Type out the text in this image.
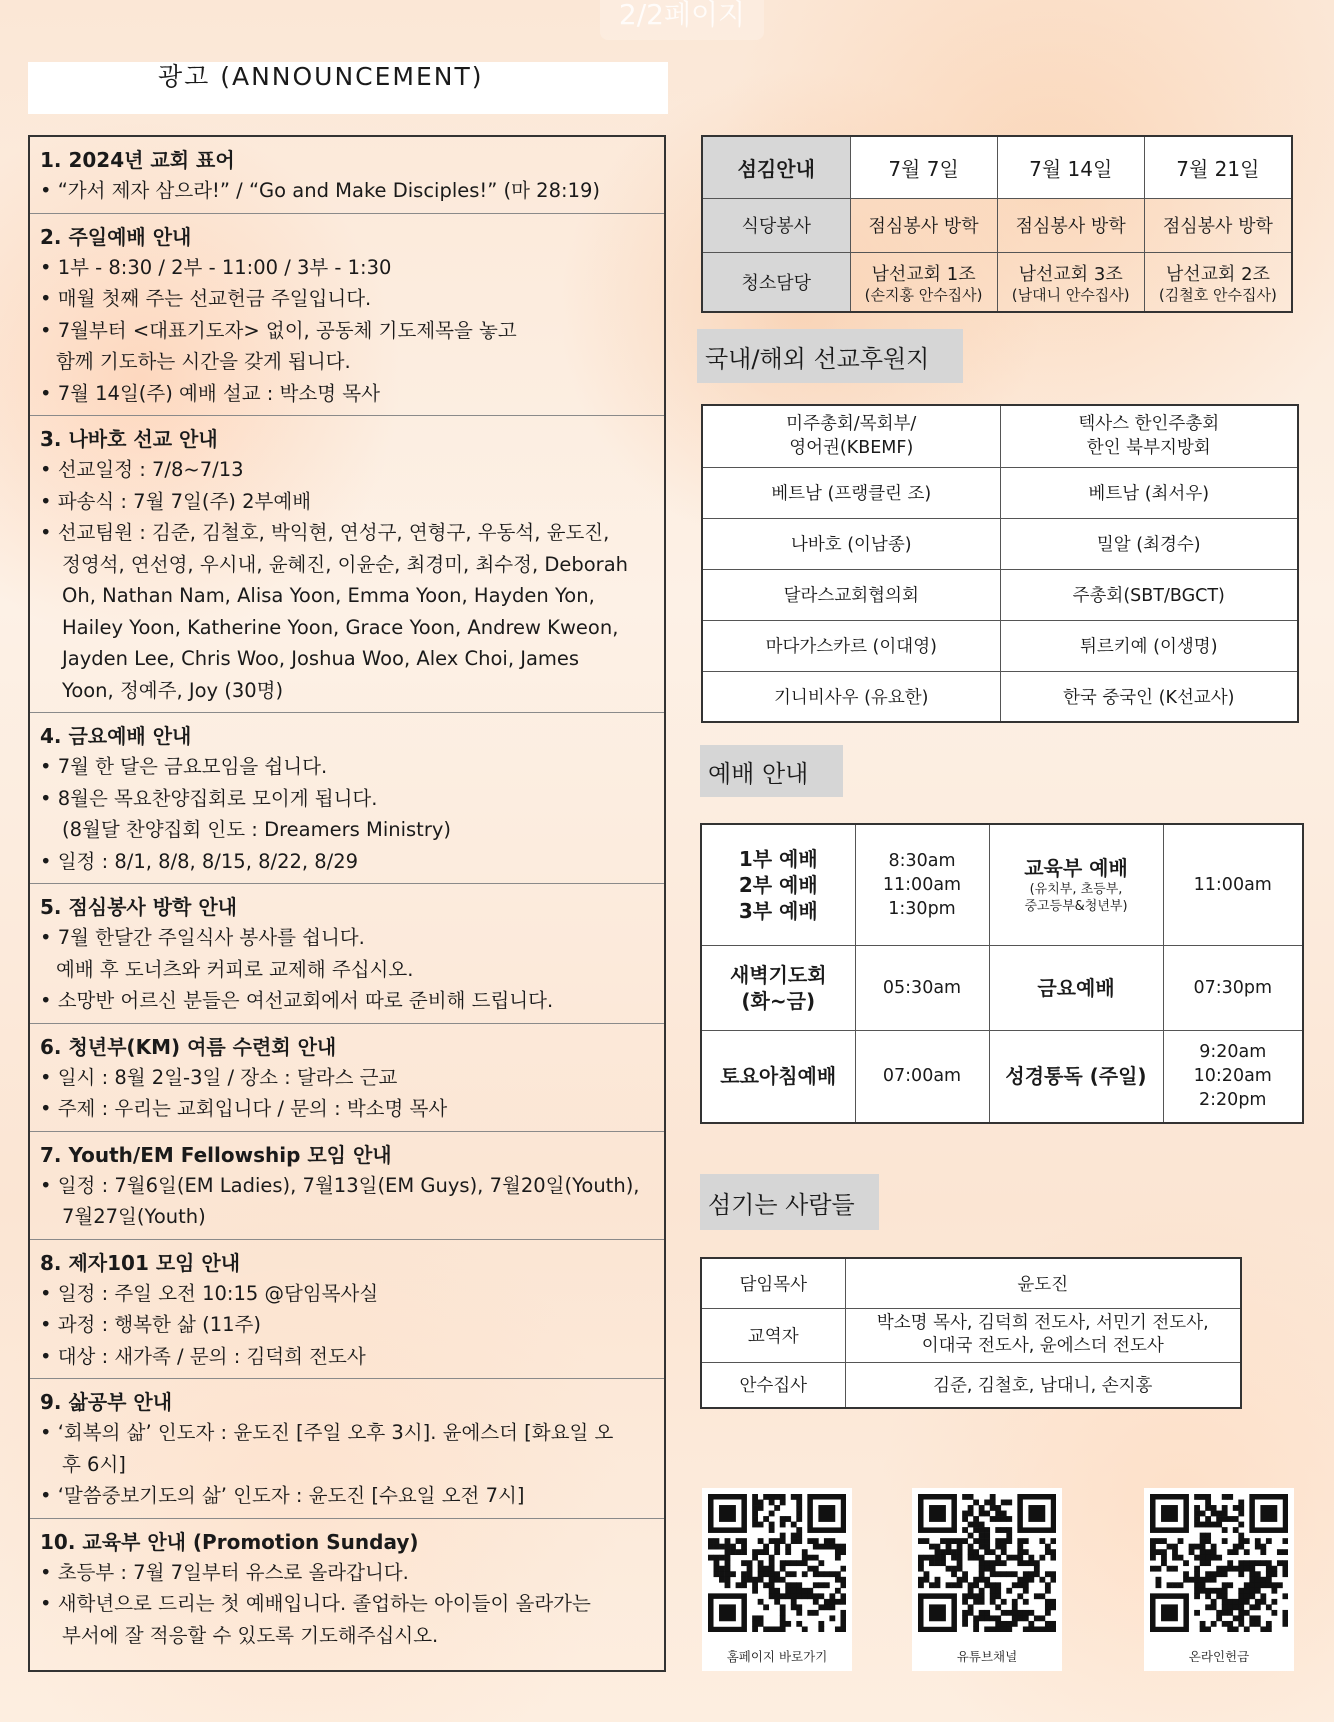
2/2페이지
광고 (ANNOUNCEMENT)
1. 2024년 교회 표어
• “가서 제자 삼으라!” / “Go and Make Disciples!” (마 28:19)
2. 주일예배 안내
• 1부 - 8:30 / 2부 - 11:00 / 3부 - 1:30
• 매월 첫째 주는 선교헌금 주일입니다.
• 7월부터 <대표기도자> 없이, 공동체 기도제목을 놓고
함께 기도하는 시간을 갖게 됩니다.
• 7월 14일(주) 예배 설교 : 박소명 목사
3. 나바호 선교 안내
• 선교일정 : 7/8~7/13
• 파송식 : 7월 7일(주) 2부예배
• 선교팀원 : 김준, 김철호, 박익현, 연성구, 연형구, 우동석, 윤도진,
정영석, 연선영, 우시내, 윤혜진, 이윤순, 최경미, 최수정, Deborah
Oh, Nathan Nam, Alisa Yoon, Emma Yoon, Hayden Yon,
Hailey Yoon, Katherine Yoon, Grace Yoon, Andrew Kweon,
Jayden Lee, Chris Woo, Joshua Woo, Alex Choi, James
Yoon, 정예주, Joy (30명)
4. 금요예배 안내
• 7월 한 달은 금요모임을 쉽니다.
• 8월은 목요찬양집회로 모이게 됩니다.
(8월달 찬양집회 인도 : Dreamers Ministry)
• 일정 : 8/1, 8/8, 8/15, 8/22, 8/29
5. 점심봉사 방학 안내
• 7월 한달간 주일식사 봉사를 쉽니다.
예배 후 도너츠와 커피로 교제해 주십시오.
• 소망반 어르신 분들은 여선교회에서 따로 준비해 드립니다.
6. 청년부(KM) 여름 수련회 안내
• 일시 : 8월 2일-3일 / 장소 : 달라스 근교
• 주제 : 우리는 교회입니다 / 문의 : 박소명 목사
7. Youth/EM Fellowship 모임 안내
• 일정 : 7월6일(EM Ladies), 7월13일(EM Guys), 7월20일(Youth),
7월27일(Youth)
8. 제자101 모임 안내
• 일정 : 주일 오전 10:15 @담임목사실
• 과정 : 행복한 삶 (11주)
• 대상 : 새가족 / 문의 : 김덕희 전도사
9. 삶공부 안내
• ‘회복의 삶’ 인도자 : 윤도진 [주일 오후 3시]. 윤에스더 [화요일 오
후 6시]
• ‘말씀중보기도의 삶’ 인도자 : 윤도진 [수요일 오전 7시]
10. 교육부 안내 (Promotion Sunday)
• 초등부 : 7월 7일부터 유스로 올라갑니다.
• 새학년으로 드리는 첫 예배입니다. 졸업하는 아이들이 올라가는
부서에 잘 적응할 수 있도록 기도해주십시오.
섬김안내	7월 7일	7월 14일	7월 21일
식당봉사	점심봉사 방학	점심봉사 방학	점심봉사 방학
청소담당	남선교회 1조
(손지홍 안수집사)	남선교회 3조
(남대니 안수집사)	남선교회 2조
(김철호 안수집사)
국내/해외 선교후원지
미주총회/목회부/
영어권(KBEMF)	텍사스 한인주총회
한인 북부지방회
베트남 (프랭클린 조)	베트남 (최서우)
나바호 (이남종)	밀알 (최경수)
달라스교회협의회	주총회(SBT/BGCT)
마다가스카르 (이대영)	튀르키예 (이생명)
기니비사우 (유요한)	한국 중국인 (K선교사)
예배 안내
1부 예배
2부 예배
3부 예배	8:30am
11:00am
1:30pm	교육부 예배
(유치부, 초등부,
중고등부&청년부)	11:00am
새벽기도회
(화~금)	05:30am	금요예배	07:30pm
토요아침예배	07:00am	성경통독 (주일)	9:20am
10:20am
2:20pm
섬기는 사람들
담임목사	윤도진
교역자	박소명 목사, 김덕희 전도사, 서민기 전도사,
이대국 전도사, 윤에스더 전도사
안수집사	김준, 김철호, 남대니, 손지홍
홈페이지 바로가기	유튜브채널	온라인헌금
